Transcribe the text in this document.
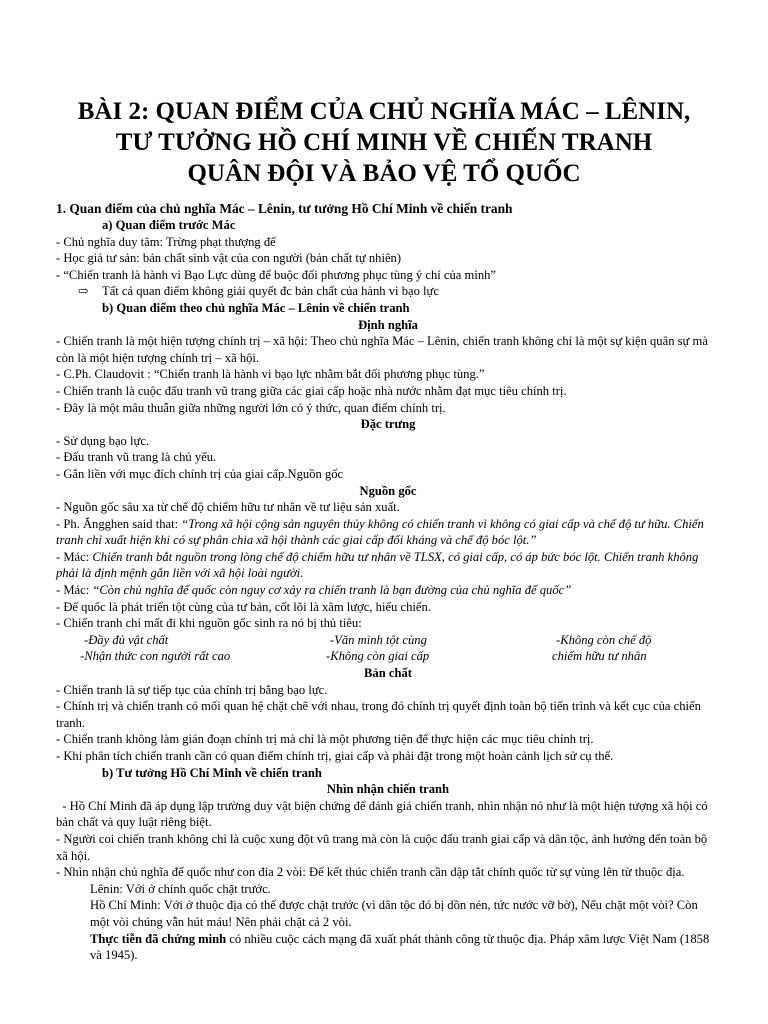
BÀI 2: QUAN ĐIỂM CỦA CHỦ NGHĨA MÁC – LÊNIN,
TƯ TƯỞNG HỒ CHÍ MINH VỀ CHIẾN TRANH
QUÂN ĐỘI VÀ BẢO VỆ TỔ QUỐC
1. Quan điểm của chủ nghĩa Mác – Lênin, tư tưởng Hồ Chí Minh về chiến tranh
a) Quan điểm trước Mác
- Chủ nghĩa duy tâm: Trừng phạt thượng đế
- Học giả tư sản: bản chất sinh vật của con người (bản chất tự nhiên)
- “Chiến tranh là hành vi Bạo Lực dùng để buộc đối phương phục tùng ý chí của mình”
⇨ Tất cả quan điểm không giải quyết đc bản chất của hành vi bạo lực
b) Quan điểm theo chủ nghĩa Mác – Lênin về chiến tranh
Định nghĩa
- Chiến tranh là một hiện tượng chính trị – xã hội: Theo chủ nghĩa Mác – Lênin, chiến tranh không chỉ là một sự kiện quân sự mà còn là một hiện tượng chính trị – xã hội.
- C.Ph. Claudovit : “Chiến tranh là hành vi bạo lực nhằm bắt đối phương phục tùng.”
- Chiến tranh là cuộc đấu tranh vũ trang giữa các giai cấp hoặc nhà nước nhằm đạt mục tiêu chính trị.
- Đây là một mâu thuẫn giữa những người lớn có ý thức, quan điểm chính trị.
Đặc trưng
- Sử dụng bạo lực.
- Đấu tranh vũ trang là chủ yếu.
- Gắn liền với mục đích chính trị của giai cấp.Nguồn gốc
Nguồn gốc
- Nguồn gốc sâu xa từ chế độ chiếm hữu tư nhân về tư liệu sản xuất.
- Ph. Ăngghen said that: “Trong xã hội cộng sản nguyên thủy không có chiến tranh vì không có giai cấp và chế độ tư hữu. Chiến tranh chỉ xuất hiện khi có sự phân chia xã hội thành các giai cấp đối kháng và chế độ bóc lột.”
- Mác: Chiến tranh bắt nguồn trong lòng chế độ chiếm hữu tư nhân về TLSX, có giai cấp, có áp bức bóc lột. Chiến tranh không phải là định mệnh gắn liền với xã hội loài người.
- Mác: “Còn chủ nghĩa đế quốc còn nguy cơ xảy ra chiến tranh là bạn đường của chủ nghĩa đế quốc”
- Đế quốc là phát triển tột cùng của tư bản, cốt lõi là xâm lược, hiếu chiến.
- Chiến tranh chỉ mất đi khi nguồn gốc sinh ra nó bị thủ tiêu:
-Đầy đủ vật chất	-Văn minh tột cùng	-Không còn chế độ
-Nhận thức con người rất cao	-Không còn giai cấp	chiếm hữu tư nhân
Bản chất
- Chiến tranh là sự tiếp tục của chính trị bằng bạo lực.
- Chính trị và chiến tranh có mối quan hệ chặt chẽ với nhau, trong đó chính trị quyết định toàn bộ tiến trình và kết cục của chiến tranh.
- Chiến tranh không làm gián đoạn chính trị mà chỉ là một phương tiện để thực hiện các mục tiêu chính trị.
- Khi phân tích chiến tranh cần có quan điểm chính trị, giai cấp và phải đặt trong một hoàn cảnh lịch sử cụ thể.
b) Tư tưởng Hồ Chí Minh về chiến tranh
Nhìn nhận chiến tranh
- Hồ Chí Minh đã áp dụng lập trường duy vật biện chứng để đánh giá chiến tranh, nhìn nhận nó như là một hiện tượng xã hội có bản chất và quy luật riêng biệt.
- Người coi chiến tranh không chỉ là cuộc xung đột vũ trang mà còn là cuộc đấu tranh giai cấp và dân tộc, ảnh hưởng đến toàn bộ xã hội.
- Nhìn nhận chủ nghĩa đế quốc như con đỉa 2 vòi: Để kết thúc chiến tranh cần dập tắt chính quốc từ sự vùng lên từ thuộc địa.
Lênin: Với ở chính quốc chặt trước.
Hồ Chí Minh: Với ở thuộc địa có thể được chặt trước (vì dân tộc đó bị dồn nén, tức nước vỡ bờ), Nếu chặt một vòi? Còn một vòi chúng vẫn hút máu! Nên phải chặt cả 2 vòi.
Thực tiễn đã chứng minh có nhiều cuộc cách mạng đã xuất phát thành công từ thuộc địa. Pháp xâm lược Việt Nam (1858 và 1945).
